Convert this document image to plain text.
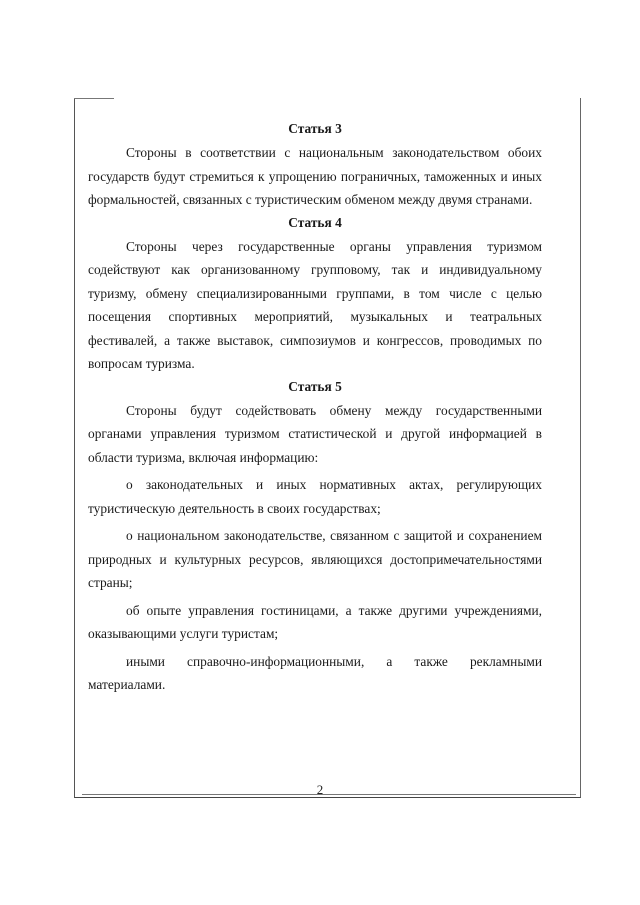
Статья 3

Стороны в соответствии с национальным законодательством обоих государств будут стремиться к упрощению пограничных, таможенных и иных формальностей, связанных с туристическим обменом между двумя странами.

Статья 4

Стороны через государственные органы управления туризмом содействуют как организованному групповому, так и индивидуальному туризму, обмену специализированными группами, в том числе с целью посещения спортивных мероприятий, музыкальных и театральных фестивалей, а также выставок, симпозиумов и конгрессов, проводимых по вопросам туризма.

Статья 5

Стороны будут содействовать обмену между государственными органами управления туризмом статистической и другой информацией в области туризма, включая информацию:

о законодательных и иных нормативных актах, регулирующих туристическую деятельность в своих государствах;

о национальном законодательстве, связанном с защитой и сохранением природных и культурных ресурсов, являющихся достопримечательностями страны;

об опыте управления гостиницами, а также другими учреждениями, оказывающими услуги туристам;

иными справочно-информационными, а также рекламными материалами.

2
